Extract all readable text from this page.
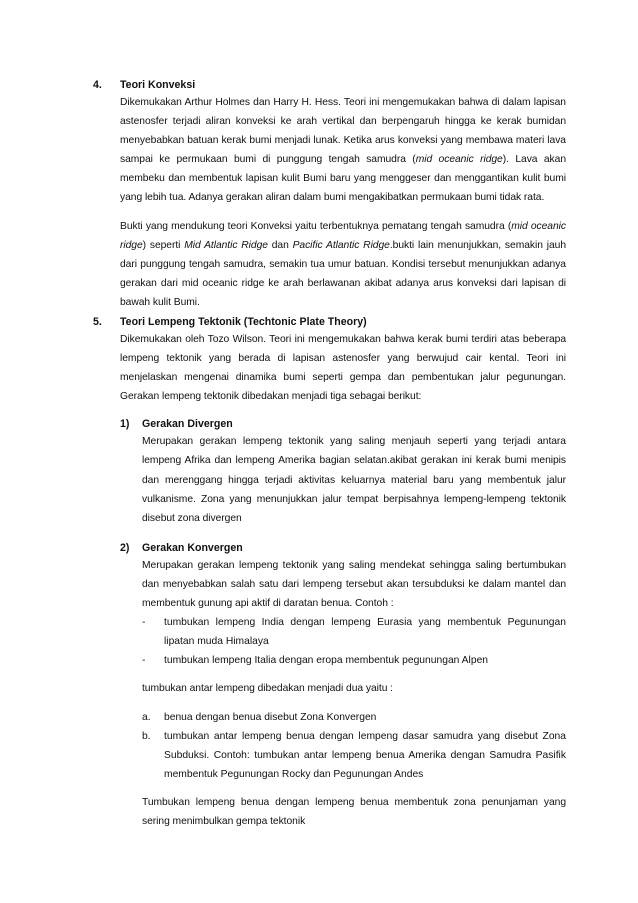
4. Teori Konveksi
Dikemukakan Arthur Holmes dan Harry H. Hess. Teori ini mengemukakan bahwa di dalam lapisan astenosfer terjadi aliran konveksi ke arah vertikal dan berpengaruh hingga ke kerak bumidan menyebabkan batuan kerak bumi menjadi lunak. Ketika arus konveksi yang membawa materi lava sampai ke permukaan bumi di punggung tengah samudra (mid oceanic ridge). Lava akan membeku dan membentuk lapisan kulit Bumi baru yang menggeser dan menggantikan kulit bumi yang lebih tua. Adanya gerakan aliran dalam bumi mengakibatkan permukaan bumi tidak rata.
Bukti yang mendukung teori Konveksi yaitu terbentuknya pematang tengah samudra (mid oceanic ridge) seperti Mid Atlantic Ridge dan Pacific Atlantic Ridge.bukti lain menunjukkan, semakin jauh dari punggung tengah samudra, semakin tua umur batuan. Kondisi tersebut menunjukkan adanya gerakan dari mid oceanic ridge ke arah berlawanan akibat adanya arus konveksi dari lapisan di bawah kulit Bumi.
5. Teori Lempeng Tektonik (Techtonic Plate Theory)
Dikemukakan oleh Tozo Wilson. Teori ini mengemukakan bahwa kerak bumi terdiri atas beberapa lempeng tektonik yang berada di lapisan astenosfer yang berwujud cair kental. Teori ini menjelaskan mengenai dinamika bumi seperti gempa dan pembentukan jalur pegunungan. Gerakan lempeng tektonik dibedakan menjadi tiga sebagai berikut:
1) Gerakan Divergen
Merupakan gerakan lempeng tektonik yang saling menjauh seperti yang terjadi antara lempeng Afrika dan lempeng Amerika bagian selatan.akibat gerakan ini kerak bumi menipis dan merenggang hingga terjadi aktivitas keluarnya material baru yang membentuk jalur vulkanisme. Zona yang menunjukkan jalur tempat berpisahnya lempeng-lempeng tektonik disebut zona divergen
2) Gerakan Konvergen
Merupakan gerakan lempeng tektonik yang saling mendekat sehingga saling bertumbukan dan menyebabkan salah satu dari lempeng tersebut akan tersubduksi ke dalam mantel dan membentuk gunung api aktif di daratan benua. Contoh :
- tumbukan lempeng India dengan lempeng Eurasia yang membentuk Pegunungan lipatan muda Himalaya
- tumbukan lempeng Italia dengan eropa membentuk pegunungan Alpen
tumbukan antar lempeng dibedakan menjadi dua yaitu :
a. benua dengan benua disebut Zona Konvergen
b. tumbukan antar lempeng benua dengan lempeng dasar samudra yang disebut Zona Subduksi. Contoh: tumbukan antar lempeng benua Amerika dengan Samudra Pasifik membentuk Pegunungan Rocky dan Pegunungan Andes
Tumbukan lempeng benua dengan lempeng benua membentuk zona penunjaman yang sering menimbulkan gempa tektonik
